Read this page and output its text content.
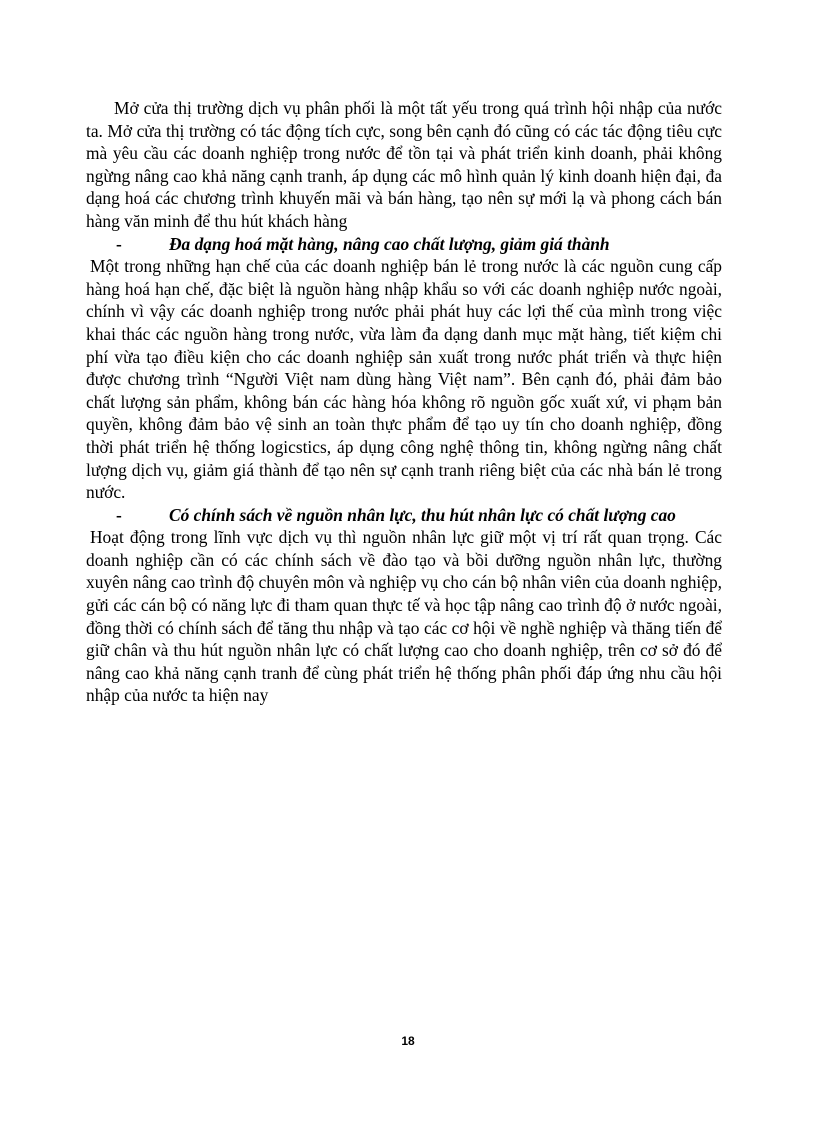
Mở cửa thị trường dịch vụ phân phối là một tất yếu trong quá trình hội nhập của nước ta. Mở cửa thị trường có tác động tích cực, song bên cạnh đó cũng có các tác động tiêu cực mà yêu cầu các doanh nghiệp trong nước để tồn tại và phát triển kinh doanh, phải không ngừng nâng cao khả năng cạnh tranh, áp dụng các mô hình quản lý kinh doanh hiện đại, đa dạng hoá các chương trình khuyến mãi và bán hàng, tạo nên sự mới lạ và phong cách bán hàng văn minh để thu hút khách hàng

-	Đa dạng hoá mặt hàng, nâng cao chất lượng, giảm giá thành

Một trong những hạn chế của các doanh nghiệp bán lẻ trong nước là các nguồn cung cấp hàng hoá hạn chế, đặc biệt là nguồn hàng nhập khẩu so với các doanh nghiệp nước ngoài, chính vì vậy các doanh nghiệp trong nước phải phát huy các lợi thế của mình trong việc khai thác các nguồn hàng trong nước, vừa làm đa dạng danh mục mặt hàng, tiết kiệm chi phí vừa tạo điều kiện cho các doanh nghiệp sản xuất trong nước phát triển và thực hiện được chương trình “Người Việt nam dùng hàng Việt nam”. Bên cạnh đó, phải đảm bảo chất lượng sản phẩm, không bán các hàng hóa không rõ nguồn gốc xuất xứ, vi phạm bản quyền, không đảm bảo vệ sinh an toàn thực phẩm để tạo uy tín cho doanh nghiệp, đồng thời phát triển hệ thống logicstics, áp dụng công nghệ thông tin, không ngừng nâng chất lượng dịch vụ, giảm giá thành để tạo nên sự cạnh tranh riêng biệt của các nhà bán lẻ trong nước.

-	Có chính sách về nguồn nhân lực, thu hút nhân lực có chất lượng cao

Hoạt động trong lĩnh vực dịch vụ thì nguồn nhân lực giữ một vị trí rất quan trọng. Các doanh nghiệp cần có các chính sách về đào tạo và bồi dưỡng nguồn nhân lực, thường xuyên nâng cao trình độ chuyên môn và nghiệp vụ cho cán bộ nhân viên của doanh nghiệp, gửi các cán bộ có năng lực đi tham quan thực tế và học tập nâng cao trình độ ở nước ngoài, đồng thời có chính sách để tăng thu nhập và tạo các cơ hội về nghề nghiệp và thăng tiến để giữ chân và thu hút nguồn nhân lực có chất lượng cao cho doanh nghiệp, trên cơ sở đó để nâng cao khả năng cạnh tranh để cùng phát triển hệ thống phân phối đáp ứng nhu cầu hội nhập của nước ta hiện nay

18
